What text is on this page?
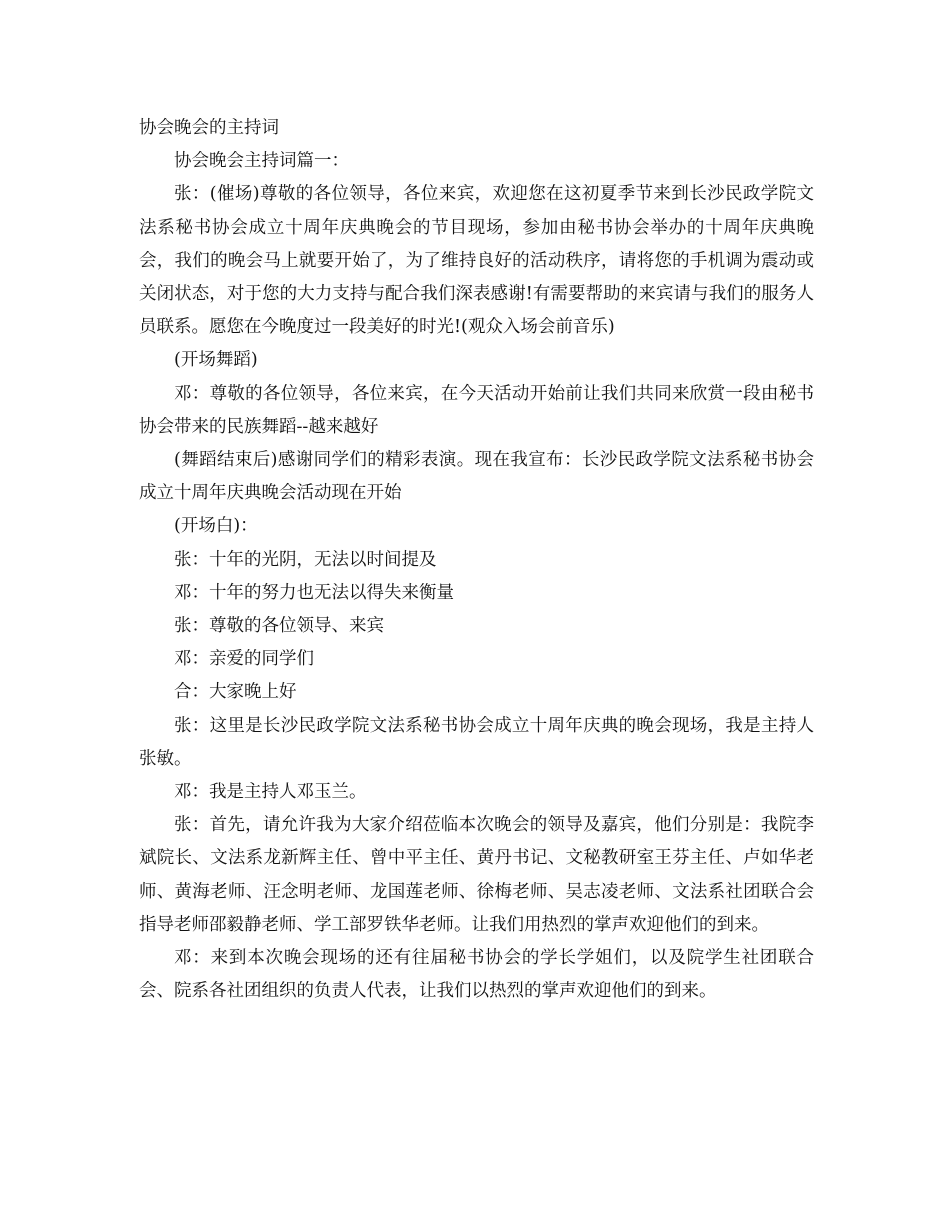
协会晚会的主持词

协会晚会主持词篇一：

张：(催场)尊敬的各位领导，各位来宾，欢迎您在这初夏季节来到长沙民政学院文法系秘书协会成立十周年庆典晚会的节目现场，参加由秘书协会举办的十周年庆典晚会，我们的晚会马上就要开始了，为了维持良好的活动秩序，请将您的手机调为震动或关闭状态，对于您的大力支持与配合我们深表感谢!有需要帮助的来宾请与我们的服务人员联系。愿您在今晚度过一段美好的时光!(观众入场会前音乐)

(开场舞蹈)

邓：尊敬的各位领导，各位来宾，在今天活动开始前让我们共同来欣赏一段由秘书协会带来的民族舞蹈--越来越好

(舞蹈结束后)感谢同学们的精彩表演。现在我宣布：长沙民政学院文法系秘书协会成立十周年庆典晚会活动现在开始

(开场白)：

张：十年的光阴，无法以时间提及

邓：十年的努力也无法以得失来衡量

张：尊敬的各位领导、来宾

邓：亲爱的同学们

合：大家晚上好

张：这里是长沙民政学院文法系秘书协会成立十周年庆典的晚会现场，我是主持人张敏。

邓：我是主持人邓玉兰。

张：首先，请允许我为大家介绍莅临本次晚会的领导及嘉宾，他们分别是：我院李斌院长、文法系龙新辉主任、曾中平主任、黄丹书记、文秘教研室王芬主任、卢如华老师、黄海老师、汪念明老师、龙国莲老师、徐梅老师、吴志凌老师、文法系社团联合会指导老师邵毅静老师、学工部罗铁华老师。让我们用热烈的掌声欢迎他们的到来。

邓：来到本次晚会现场的还有往届秘书协会的学长学姐们，以及院学生社团联合会、院系各社团组织的负责人代表，让我们以热烈的掌声欢迎他们的到来。
